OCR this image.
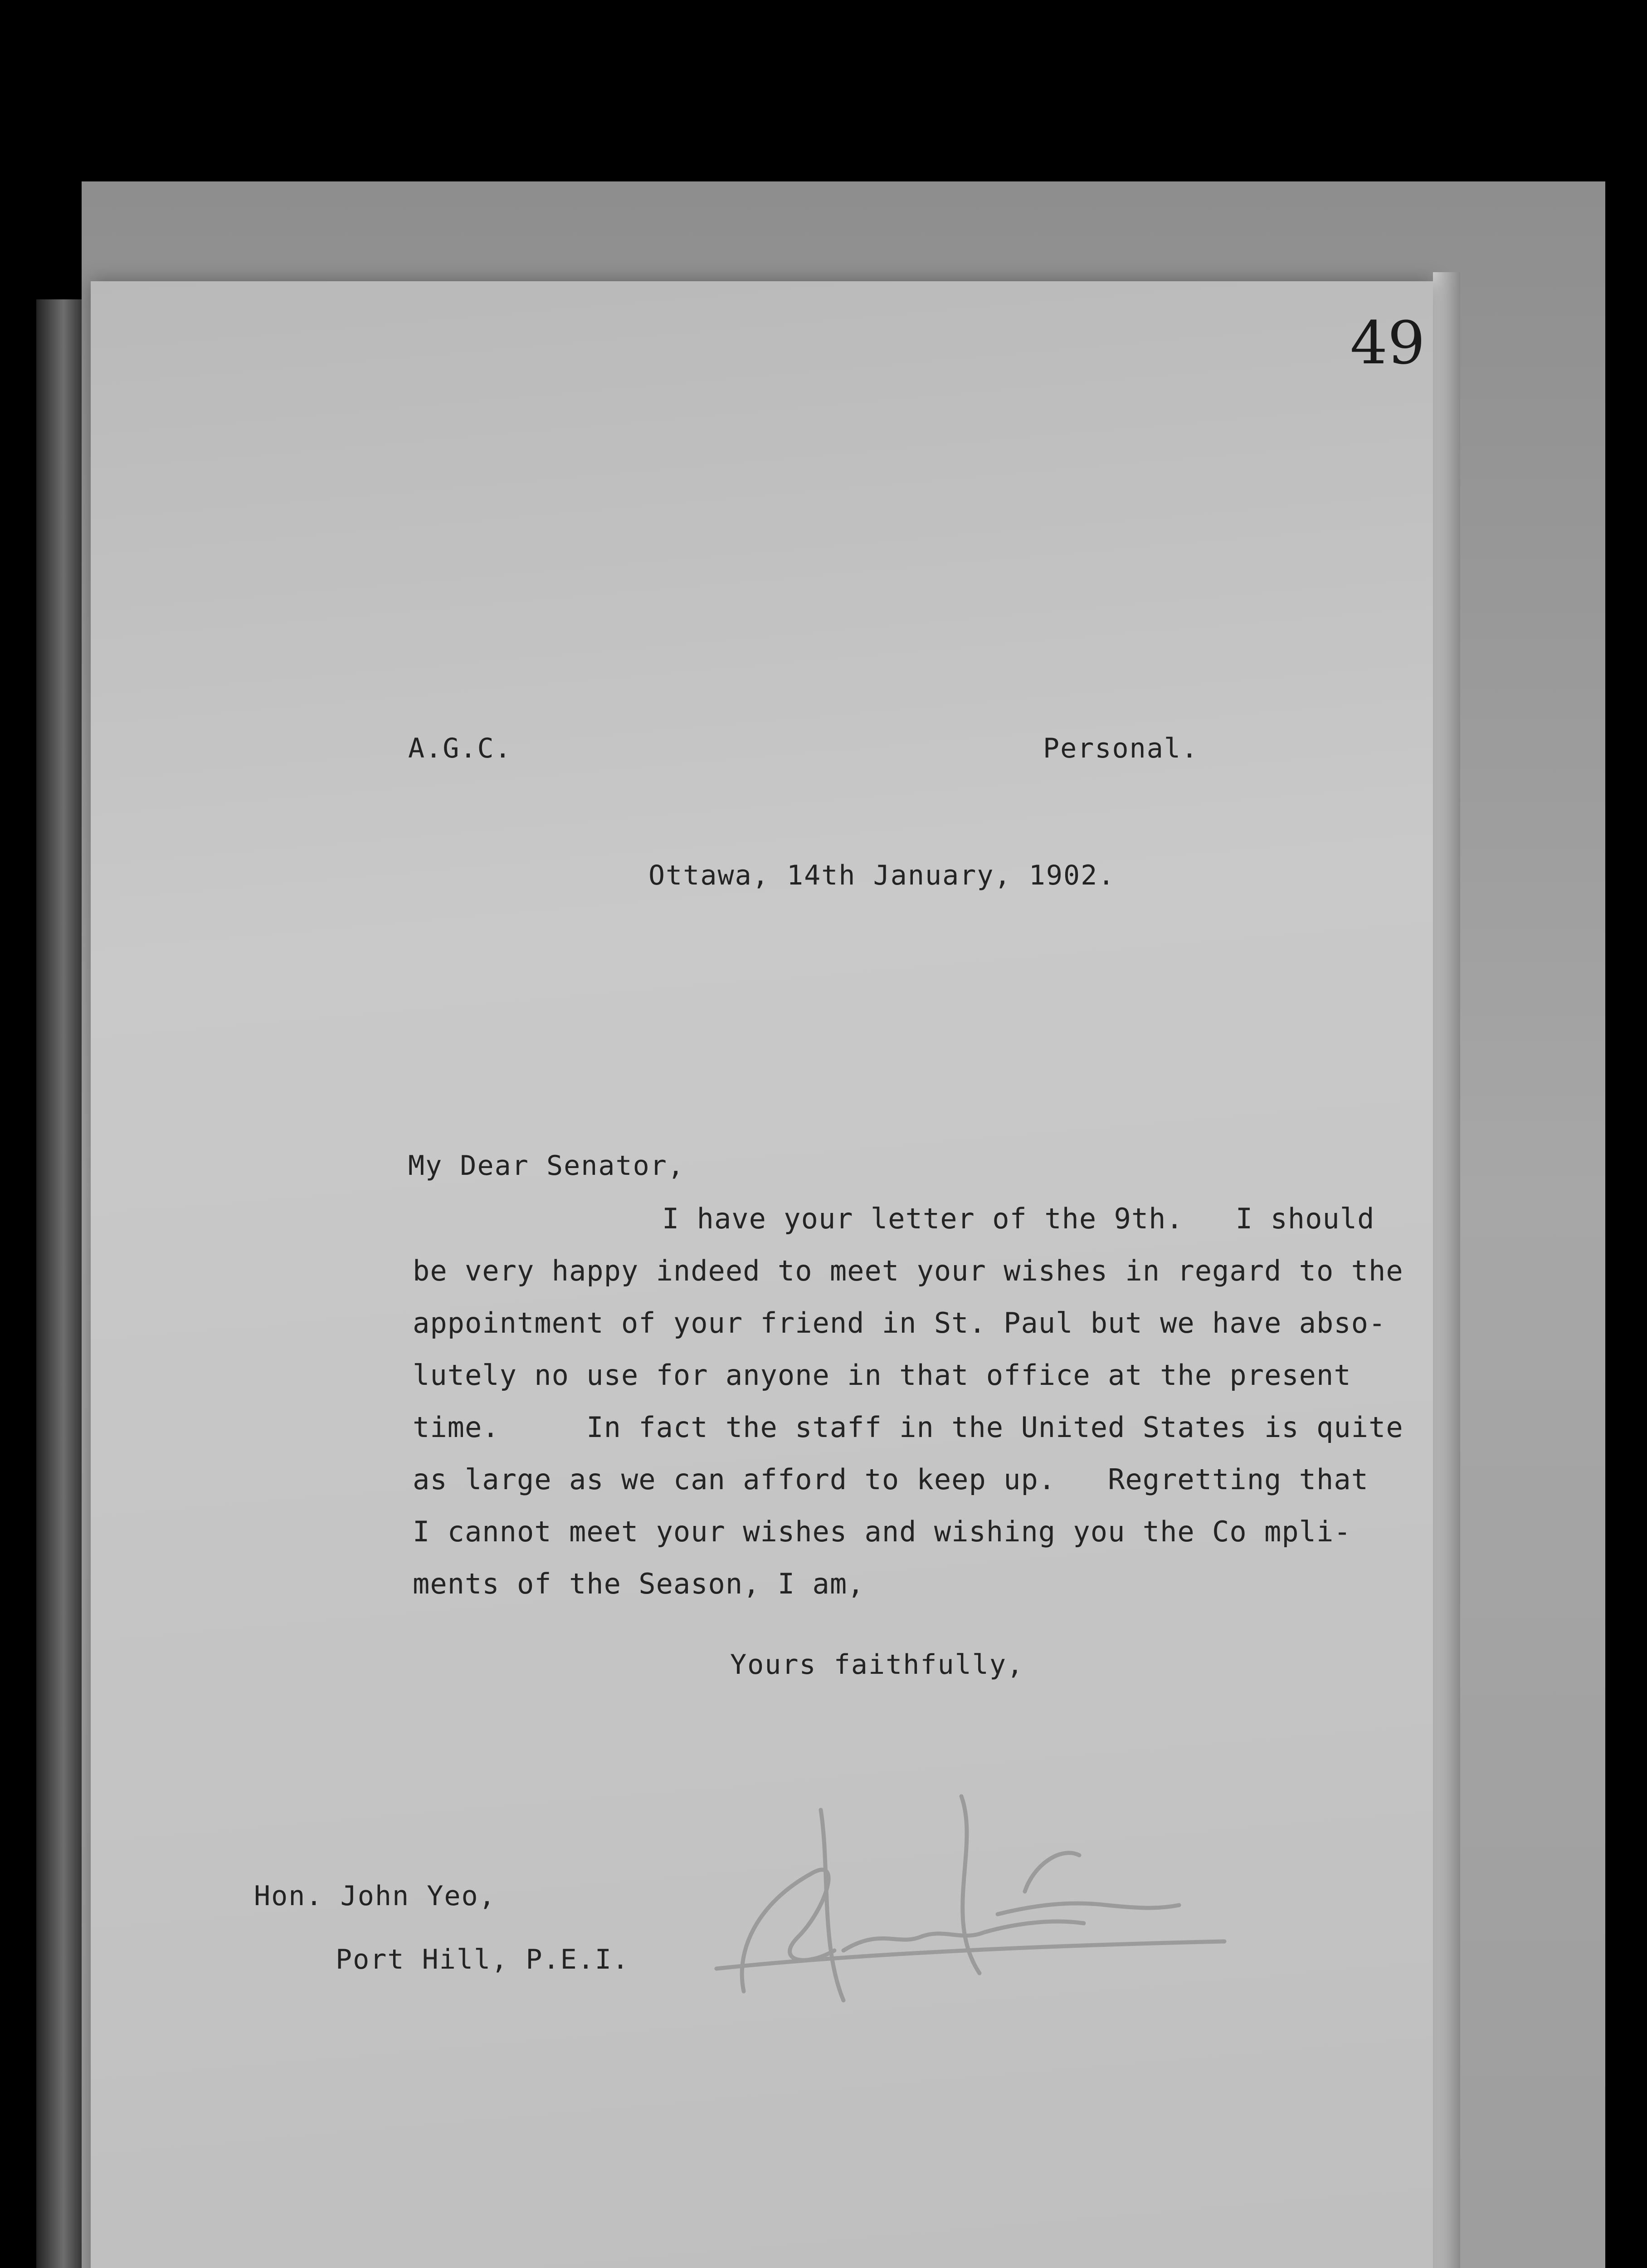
49
A.G.C.	Personal.
Ottawa, 14th January, 1902.
My Dear Senator,
I have your letter of the 9th.   I should
be very happy indeed to meet your wishes in regard to the
appointment of your friend in St. Paul but we have abso-
lutely no use for anyone in that office at the present
time.     In fact the staff in the United States is quite
as large as we can afford to keep up.   Regretting that
I cannot meet your wishes and wishing you the Co mpli-
ments of the Season, I am,
Yours faithfully,
Hon. John Yeo,
Port Hill, P.E.I.
